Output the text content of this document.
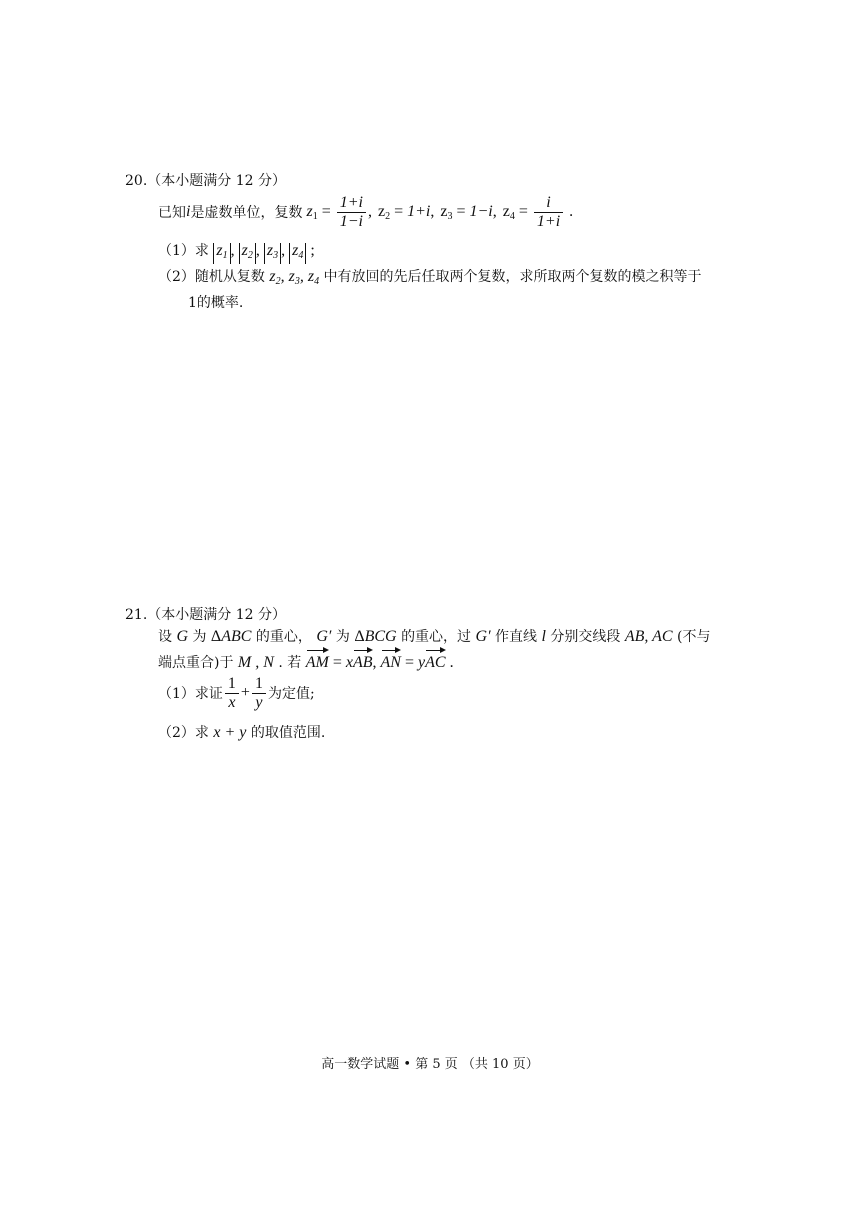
20.（本小题满分 12 分）
已知 i 是虚数单位，复数 $z_1 = \frac{1+i}{1-i}$ , $z_2 = 1+i$, $z_3 = 1-i$, $z_4 = \frac{i}{1+i}$ .
（1）求 $z_1$ , $z_2$ , $z_3$ , $z_4$ ;
（2）随机从复数 $z_2$, $z_3$, $z_4$ 中有放回的先后任取两个复数，求所取两个复数的模之积等于
1的概率.
21.（本小题满分 12 分）
设 G 为 ΔABC 的重心， G′ 为 ΔBCG 的重心，过 G′ 作直线 l 分别交线段 AB, AC (不与
端点重合)于 M , N . 若 AM = xAB, AN = yAC .
（1）求证 $\frac{1}{x} + \frac{1}{y}$ 为定值;
（2）求 x + y 的取值范围.
高一数学试题 • 第 5 页 （共 10 页）
